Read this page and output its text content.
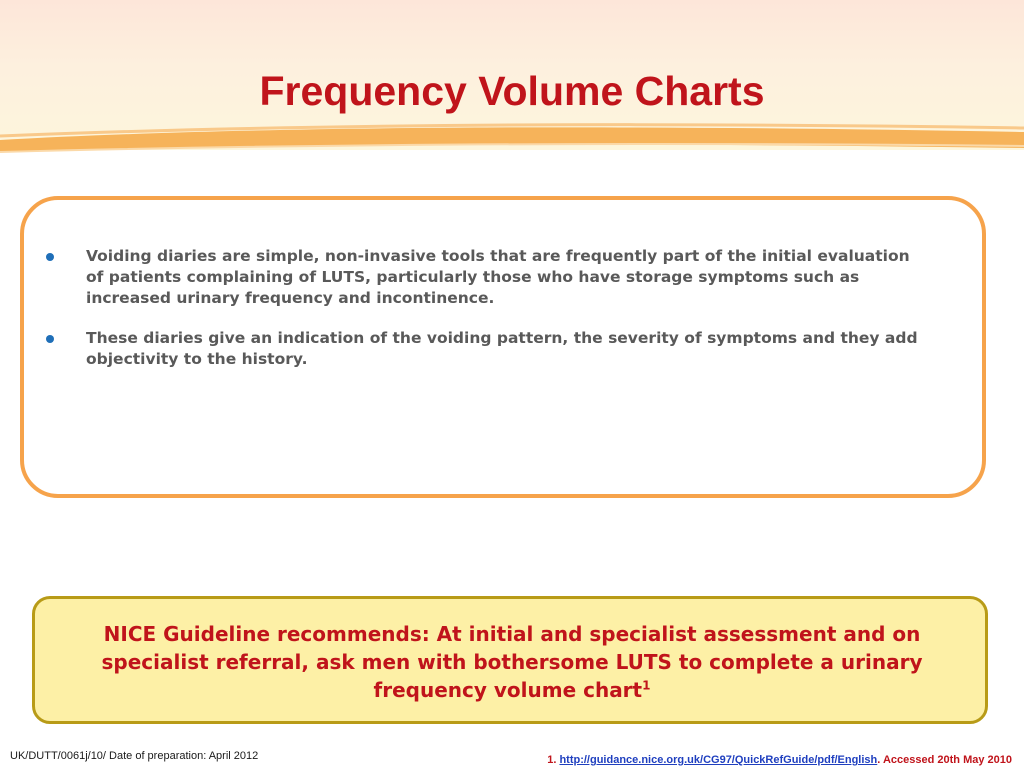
Frequency Volume Charts
Voiding diaries are simple, non-invasive tools that are frequently part of the initial evaluation of patients complaining of LUTS, particularly those who have storage symptoms such as increased urinary frequency and incontinence.
These diaries give an indication of the voiding pattern, the severity of symptoms and they add objectivity to the history.

NICE Guideline recommends: At initial and specialist assessment and on specialist referral, ask men with bothersome LUTS to complete a urinary frequency volume chart$^1$

UK/DUTT/0061j/10/ Date of preparation: April 2012	1. http://guidance.nice.org.uk/CG97/QuickRefGuide/pdf/English. Accessed 20th May 2010
